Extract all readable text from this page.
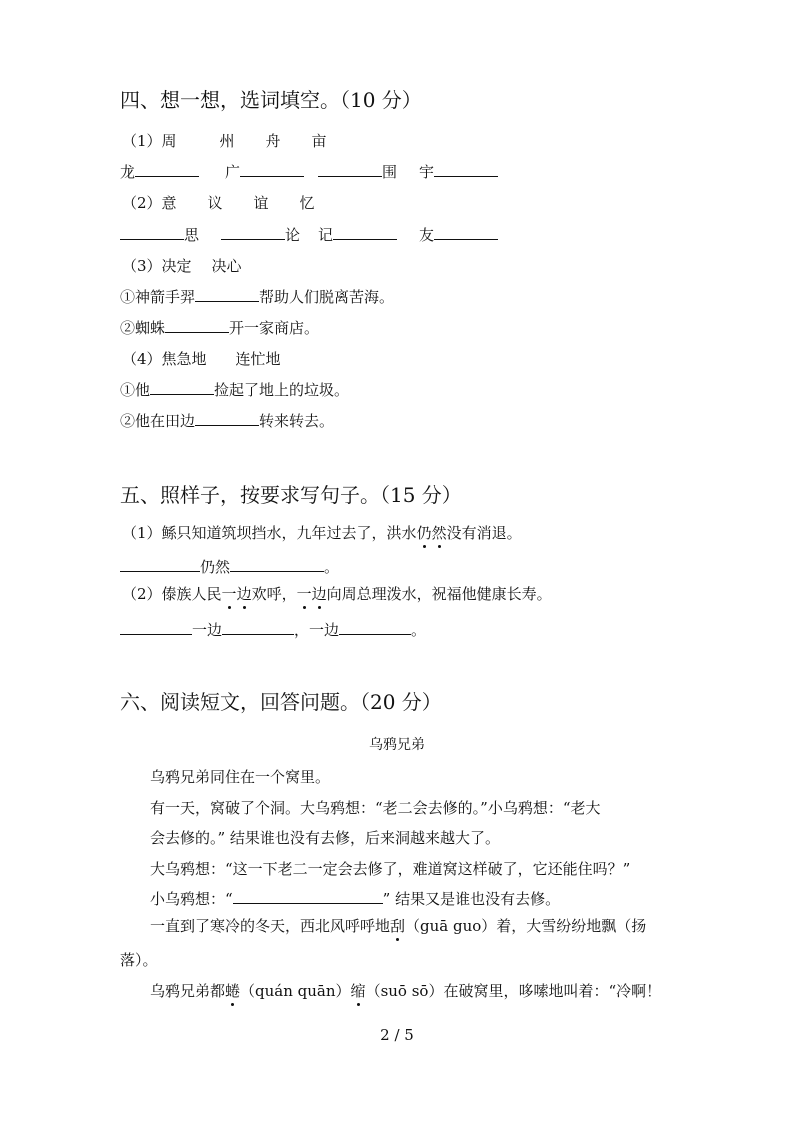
四、想一想，选词填空。（10 分）
（1）周	州 舟 亩
龙	广	围 宇
（2）意 议 谊 忆
思	论 记	友
（3）决定 决心
①神箭手羿	帮助人们脱离苦海。
②蜘蛛	开一家商店。
（4）焦急地 连忙地
①他	捡起了地上的垃圾。
②他在田边	转来转去。
五、照样子，按要求写句子。（15 分）
（1）鲧只知道筑坝挡水，九年过去了，洪水仍然没有消退。
仍然	。
（2）傣族人民一边欢呼，一边向周总理泼水，祝福他健康长寿。
一边	，一边	。
六、阅读短文，回答问题。（20 分）
乌鸦兄弟
乌鸦兄弟同住在一个窝里。
有一天，窝破了个洞。大乌鸦想：“老二会去修的。”小乌鸦想：“老大
会去修的。” 结果谁也没有去修，后来洞越来越大了。
大乌鸦想：“这一下老二一定会去修了，难道窝这样破了，它还能住吗？”
小乌鸦想：“	” 结果又是谁也没有去修。
一直到了寒冷的冬天，西北风呼呼地刮（guā guo）着，大雪纷纷地飘（扬
落）。
乌鸦兄弟都蜷（quán quān）缩（suō sō）在破窝里，哆嗦地叫着：“冷啊！
2 / 5
